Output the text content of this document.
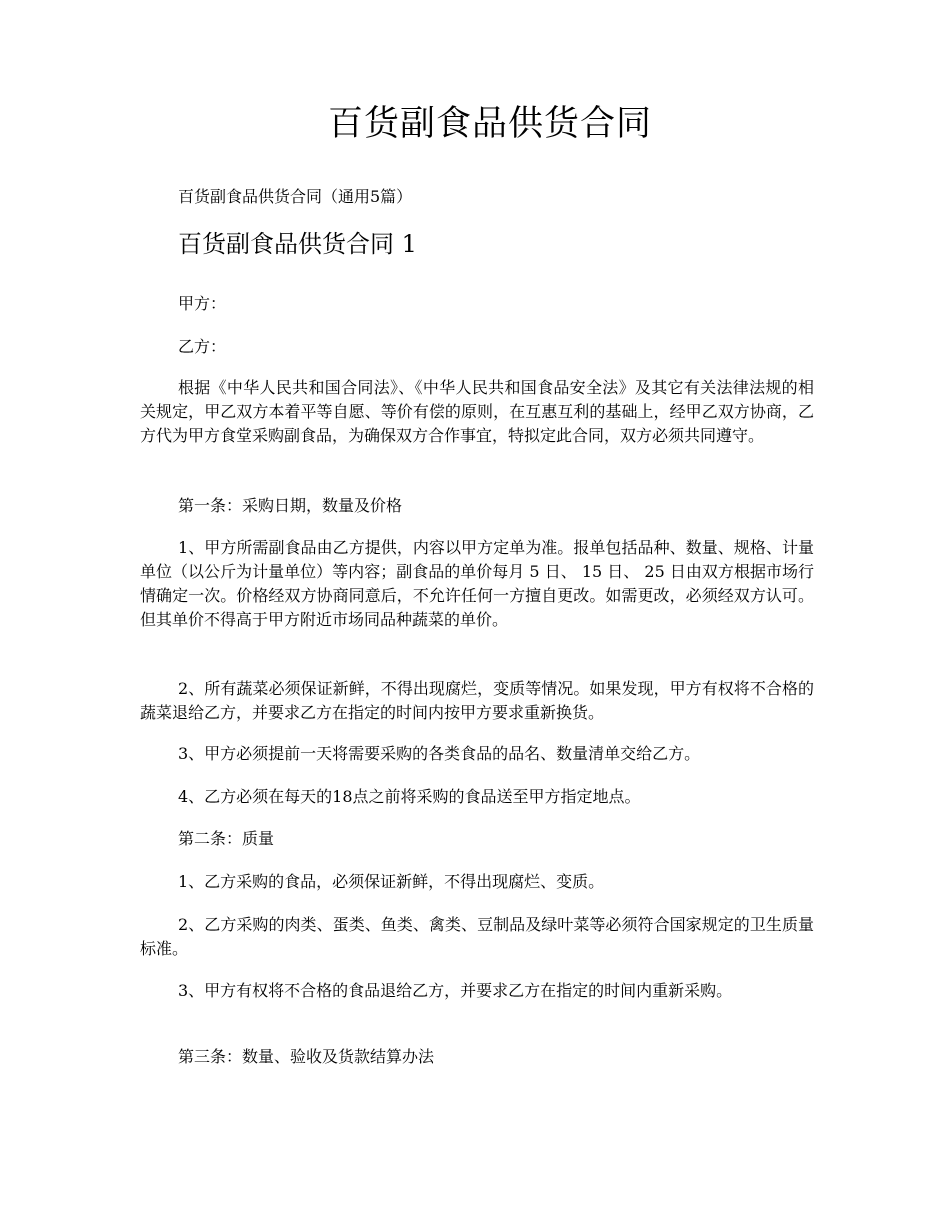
百货副食品供货合同

百货副食品供货合同（通用5篇）

百货副食品供货合同 1

甲方：

乙方：

根据《中华人民共和国合同法》、《中华人民共和国食品安全法》及其它有关法律法规的相关规定，甲乙双方本着平等自愿、等价有偿的原则，在互惠互利的基础上，经甲乙双方协商，乙方代为甲方食堂采购副食品，为确保双方合作事宜，特拟定此合同，双方必须共同遵守。

第一条：采购日期，数量及价格

1、甲方所需副食品由乙方提供，内容以甲方定单为准。报单包括品种、数量、规格、计量单位（以公斤为计量单位）等内容；副食品的单价每月 5 日、 15 日、 25 日由双方根据市场行情确定一次。价格经双方协商同意后，不允许任何一方擅自更改。如需更改，必须经双方认可。但其单价不得高于甲方附近市场同品种蔬菜的单价。

2、所有蔬菜必须保证新鲜，不得出现腐烂，变质等情况。如果发现，甲方有权将不合格的蔬菜退给乙方，并要求乙方在指定的时间内按甲方要求重新换货。

3、甲方必须提前一天将需要采购的各类食品的品名、数量清单交给乙方。

4、乙方必须在每天的18点之前将采购的食品送至甲方指定地点。

第二条：质量

1、乙方采购的食品，必须保证新鲜，不得出现腐烂、变质。

2、乙方采购的肉类、蛋类、鱼类、禽类、豆制品及绿叶菜等必须符合国家规定的卫生质量标准。

3、甲方有权将不合格的食品退给乙方，并要求乙方在指定的时间内重新采购。

第三条：数量、验收及货款结算办法
